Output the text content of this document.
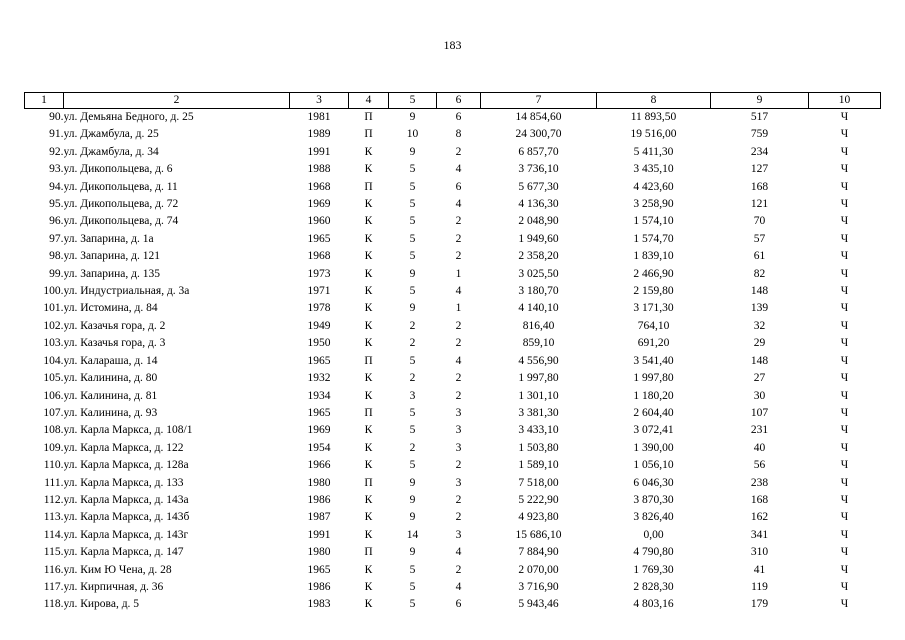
183
1	2	3	4	5	6	7	8	9	10
90.	ул. Демьяна Бедного, д. 25	1981	П	9	6	14 854,60	11 893,50	517	Ч
91.	ул. Джамбула, д. 25	1989	П	10	8	24 300,70	19 516,00	759	Ч
92.	ул. Джамбула, д. 34	1991	К	9	2	6 857,70	5 411,30	234	Ч
93.	ул. Дикопольцева, д. 6	1988	К	5	4	3 736,10	3 435,10	127	Ч
94.	ул. Дикопольцева, д. 11	1968	П	5	6	5 677,30	4 423,60	168	Ч
95.	ул. Дикопольцева, д. 72	1969	К	5	4	4 136,30	3 258,90	121	Ч
96.	ул. Дикопольцева, д. 74	1960	К	5	2	2 048,90	1 574,10	70	Ч
97.	ул. Запарина, д. 1а	1965	К	5	2	1 949,60	1 574,70	57	Ч
98.	ул. Запарина, д. 121	1968	К	5	2	2 358,20	1 839,10	61	Ч
99.	ул. Запарина, д. 135	1973	К	9	1	3 025,50	2 466,90	82	Ч
100.	ул. Индустриальная, д. 3а	1971	К	5	4	3 180,70	2 159,80	148	Ч
101.	ул. Истомина, д. 84	1978	К	9	1	4 140,10	3 171,30	139	Ч
102.	ул. Казачья гора, д. 2	1949	К	2	2	816,40	764,10	32	Ч
103.	ул. Казачья гора, д. 3	1950	К	2	2	859,10	691,20	29	Ч
104.	ул. Калараша, д. 14	1965	П	5	4	4 556,90	3 541,40	148	Ч
105.	ул. Калинина, д. 80	1932	К	2	2	1 997,80	1 997,80	27	Ч
106.	ул. Калинина, д. 81	1934	К	3	2	1 301,10	1 180,20	30	Ч
107.	ул. Калинина, д. 93	1965	П	5	3	3 381,30	2 604,40	107	Ч
108.	ул. Карла Маркса, д. 108/1	1969	К	5	3	3 433,10	3 072,41	231	Ч
109.	ул. Карла Маркса, д. 122	1954	К	2	3	1 503,80	1 390,00	40	Ч
110.	ул. Карла Маркса, д. 128а	1966	К	5	2	1 589,10	1 056,10	56	Ч
111.	ул. Карла Маркса, д. 133	1980	П	9	3	7 518,00	6 046,30	238	Ч
112.	ул. Карла Маркса, д. 143а	1986	К	9	2	5 222,90	3 870,30	168	Ч
113.	ул. Карла Маркса, д. 143б	1987	К	9	2	4 923,80	3 826,40	162	Ч
114.	ул. Карла Маркса, д. 143г	1991	К	14	3	15 686,10	0,00	341	Ч
115.	ул. Карла Маркса, д. 147	1980	П	9	4	7 884,90	4 790,80	310	Ч
116.	ул. Ким Ю Чена, д. 28	1965	К	5	2	2 070,00	1 769,30	41	Ч
117.	ул. Кирпичная, д. 36	1986	К	5	4	3 716,90	2 828,30	119	Ч
118.	ул. Кирова, д. 5	1983	К	5	6	5 943,46	4 803,16	179	Ч
